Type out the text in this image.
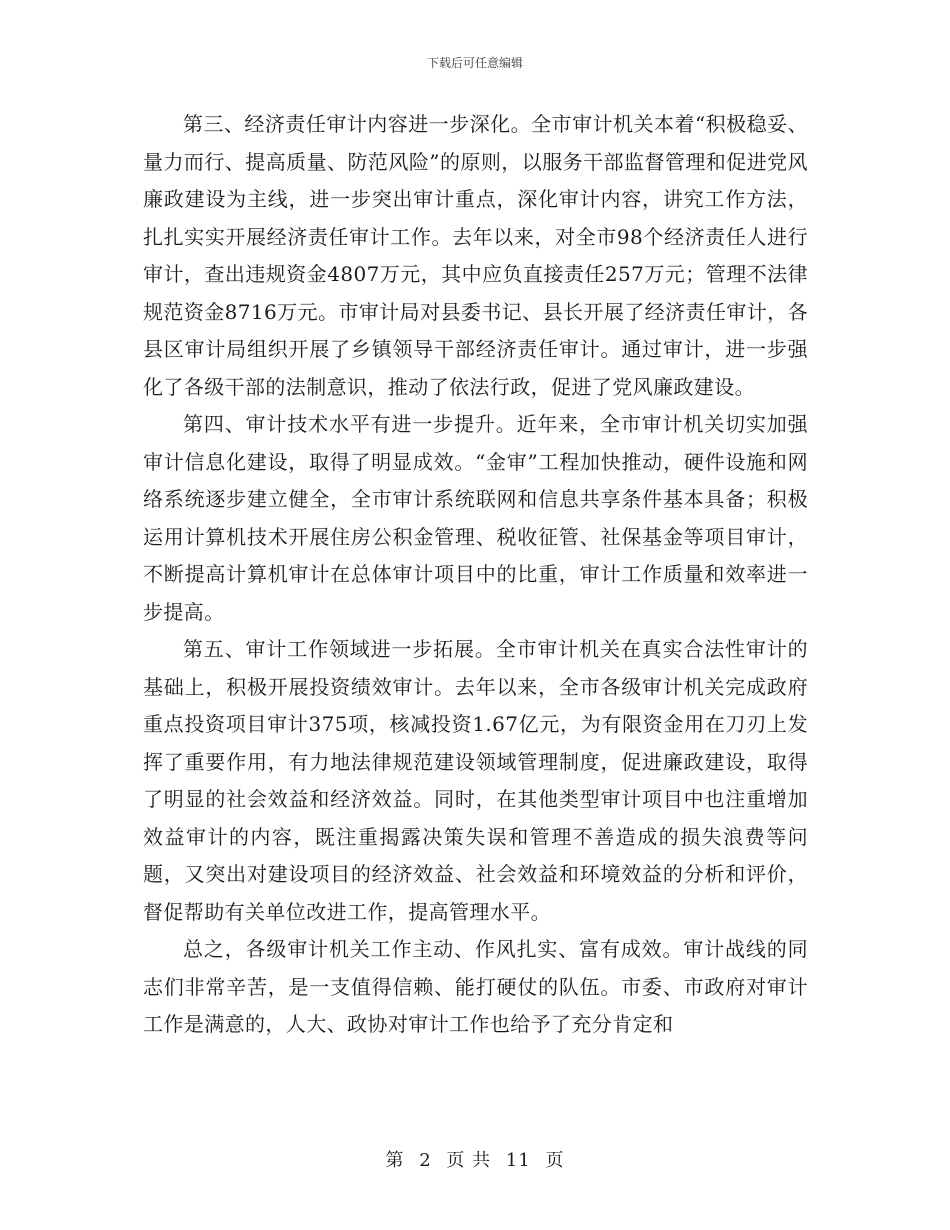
下载后可任意编辑

第三、经济责任审计内容进一步深化。全市审计机关本着“积极稳妥、量力而行、提高质量、防范风险”的原则，以服务干部监督管理和促进党风廉政建设为主线，进一步突出审计重点，深化审计内容，讲究工作方法，扎扎实实开展经济责任审计工作。去年以来，对全市98个经济责任人进行审计，查出违规资金4807万元，其中应负直接责任257万元；管理不法律规范资金8716万元。市审计局对县委书记、县长开展了经济责任审计，各县区审计局组织开展了乡镇领导干部经济责任审计。通过审计，进一步强化了各级干部的法制意识，推动了依法行政，促进了党风廉政建设。

第四、审计技术水平有进一步提升。近年来，全市审计机关切实加强审计信息化建设，取得了明显成效。“金审”工程加快推动，硬件设施和网络系统逐步建立健全，全市审计系统联网和信息共享条件基本具备；积极运用计算机技术开展住房公积金管理、税收征管、社保基金等项目审计，不断提高计算机审计在总体审计项目中的比重，审计工作质量和效率进一步提高。

第五、审计工作领域进一步拓展。全市审计机关在真实合法性审计的基础上，积极开展投资绩效审计。去年以来，全市各级审计机关完成政府重点投资项目审计375项，核减投资1.67亿元，为有限资金用在刀刃上发挥了重要作用，有力地法律规范建设领域管理制度，促进廉政建设，取得了明显的社会效益和经济效益。同时，在其他类型审计项目中也注重增加效益审计的内容，既注重揭露决策失误和管理不善造成的损失浪费等问题，又突出对建设项目的经济效益、社会效益和环境效益的分析和评价，督促帮助有关单位改进工作，提高管理水平。

总之，各级审计机关工作主动、作风扎实、富有成效。审计战线的同志们非常辛苦，是一支值得信赖、能打硬仗的队伍。市委、市政府对审计工作是满意的，人大、政协对审计工作也给予了充分肯定和

第 2 页 共 11 页
